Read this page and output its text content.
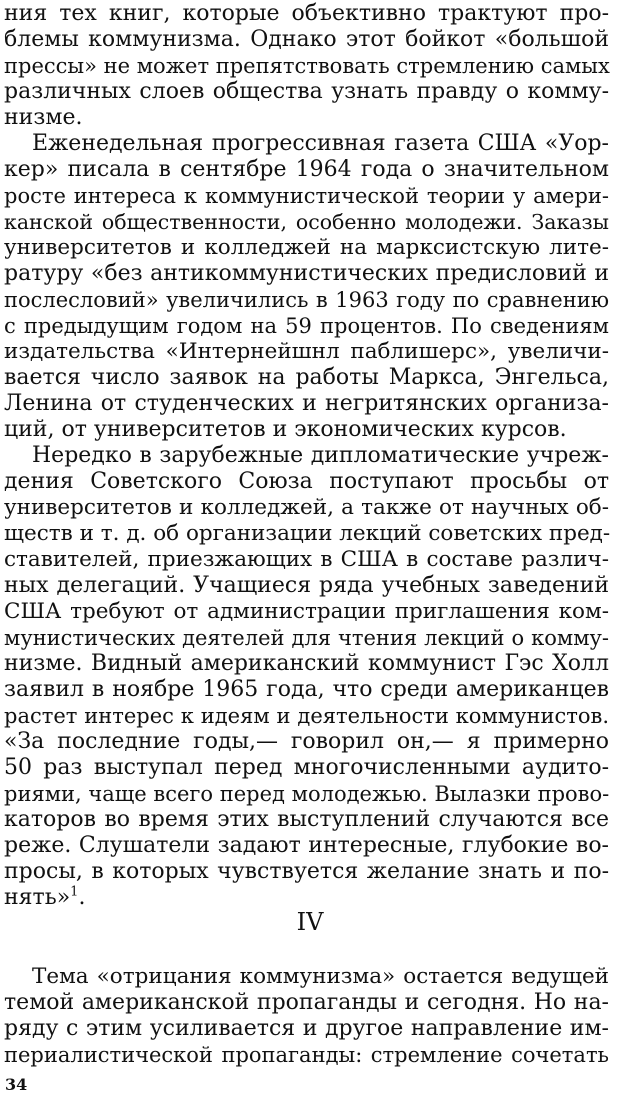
ния тех книг, которые объективно трактуют про-
блемы коммунизма. Однако этот бойкот «большой
прессы» не может препятствовать стремлению самых
различных слоев общества узнать правду о комму-
низме.
Еженедельная прогрессивная газета США «Уор-
кер» писала в сентябре 1964 года о значительном
росте интереса к коммунистической теории у амери-
канской общественности, особенно молодежи. Заказы
университетов и колледжей на марксистскую лите-
ратуру «без антикоммунистических предисловий и
послесловий» увеличились в 1963 году по сравнению
с предыдущим годом на 59 процентов. По сведениям
издательства «Интернейшнл паблишерс», увеличи-
вается число заявок на работы Маркса, Энгельса,
Ленина от студенческих и негритянских организа-
ций, от университетов и экономических курсов.
Нередко в зарубежные дипломатические учреж-
дения Советского Союза поступают просьбы от
университетов и колледжей, а также от научных об-
ществ и т. д. об организации лекций советских пред-
ставителей, приезжающих в США в составе различ-
ных делегаций. Учащиеся ряда учебных заведений
США требуют от администрации приглашения ком-
мунистических деятелей для чтения лекций о комму-
низме. Видный американский коммунист Гэс Холл
заявил в ноябре 1965 года, что среди американцев
растет интерес к идеям и деятельности коммунистов.
«За последние годы,— говорил он,— я примерно
50 раз выступал перед многочисленными аудито-
риями, чаще всего перед молодежью. Вылазки прово-
каторов во время этих выступлений случаются все
реже. Слушатели задают интересные, глубокие во-
просы, в которых чувствуется желание знать и по-
нять»$^1$.
IV
Тема «отрицания коммунизма» остается ведущей
темой американской пропаганды и сегодня. Но на-
ряду с этим усиливается и другое направление им-
периалистической пропаганды: стремление сочетать
34
